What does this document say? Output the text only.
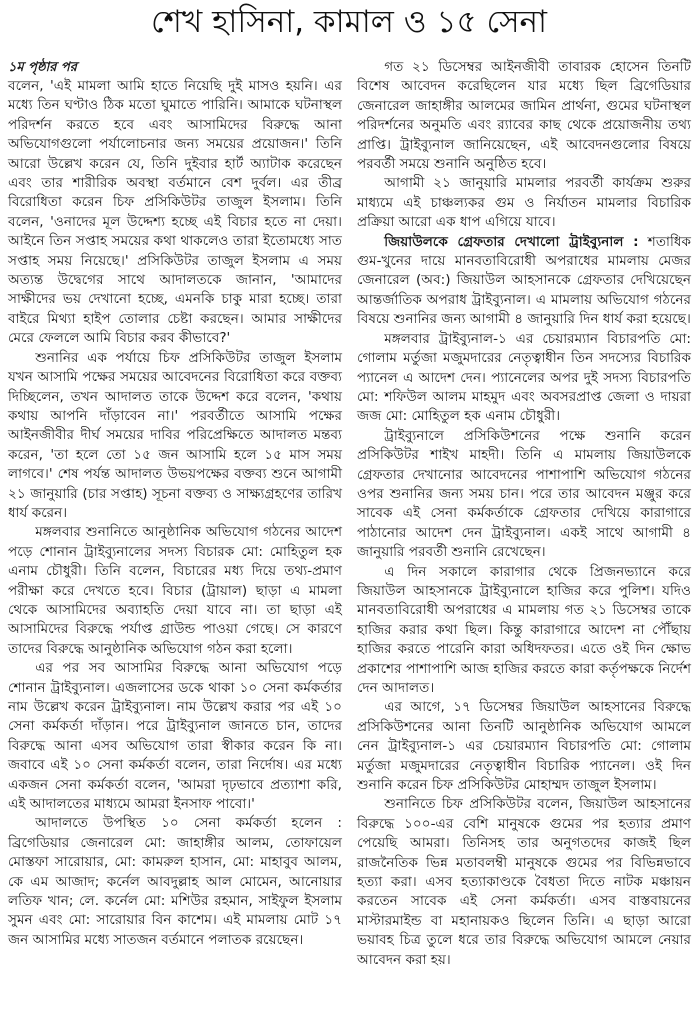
শেখ হাসিনা, কামাল ও ১৫ সেনা
১ম পৃষ্ঠার পর

বলেন, 'এই মামলা আমি হাতে নিয়েছি দুই মাসও হয়নি। এর মধ্যে তিন ঘণ্টাও ঠিক মতো ঘুমাতে পারিনি। আমাকে ঘটনাস্থল পরিদর্শন করতে হবে এবং আসামিদের বিরুদ্ধে আনা অভিযোগগুলো পর্যালোচনার জন্য সময়ের প্রয়োজন।' তিনি আরো উল্লেখ করেন যে, তিনি দুইবার হার্ট অ্যাটাক করেছেন এবং তার শারীরিক অবস্থা বর্তমানে বেশ দুর্বল। এর তীব্র বিরোধিতা করেন চিফ প্রসিকিউটর তাজুল ইসলাম। তিনি বলেন, 'ওনাদের মূল উদ্দেশ্য হচ্ছে এই বিচার হতে না দেয়া। আইনে তিন সপ্তাহ সময়ের কথা থাকলেও তারা ইতোমধ্যে সাত সপ্তাহ সময় নিয়েছে।' প্রসিকিউটর তাজুল ইসলাম এ সময় অত্যন্ত উদ্বেগের সাথে আদালতকে জানান, 'আমাদের সাক্ষীদের ভয় দেখানো হচ্ছে, এমনকি চাকু মারা হচ্ছে। তারা বাইরে মিথ্যা হাইপ তোলার চেষ্টা করছেন। আমার সাক্ষীদের মেরে ফেললে আমি বিচার করব কীভাবে?'

শুনানির এক পর্যায়ে চিফ প্রসিকিউটর তাজুল ইসলাম যখন আসামি পক্ষের সময়ের আবেদনের বিরোধিতা করে বক্তব্য দিচ্ছিলেন, তখন আদালত তাকে উদ্দেশ করে বলেন, 'কথায় কথায় আপনি দাঁড়াবেন না।' পরবর্তীতে আসামি পক্ষের আইনজীবীর দীর্ঘ সময়ের দাবির পরিপ্রেক্ষিতে আদালত মন্তব্য করেন, 'তা হলে তো ১৫ জন আসামি হলে ১৫ মাস সময় লাগবে।' শেষ পর্যন্ত আদালত উভয়পক্ষের বক্তব্য শুনে আগামী ২১ জানুয়ারি (চার সপ্তাহ) সূচনা বক্তব্য ও সাক্ষ্যগ্রহণের তারিখ ধার্য করেন।

মঙ্গলবার শুনানিতে আনুষ্ঠানিক অভিযোগ গঠনের আদেশ পড়ে শোনান ট্রাইব্যুনালের সদস্য বিচারক মো: মোহিতুল হক এনাম চৌধুরী। তিনি বলেন, বিচারের মধ্য দিয়ে তথ্য-প্রমাণ পরীক্ষা করে দেখতে হবে। বিচার (ট্রায়াল) ছাড়া এ মামলা থেকে আসামিদের অব্যাহতি দেয়া যাবে না। তা ছাড়া এই আসামিদের বিরুদ্ধে পর্যাপ্ত গ্রাউন্ড পাওয়া গেছে। সে কারণে তাদের বিরুদ্ধে আনুষ্ঠানিক অভিযোগ গঠন করা হলো।

এর পর সব আসামির বিরুদ্ধে আনা অভিযোগ পড়ে শোনান ট্রাইব্যুনাল। এজলাসের ডকে থাকা ১০ সেনা কর্মকর্তার নাম উল্লেখ করেন ট্রাইব্যুনাল। নাম উল্লেখ করার পর এই ১০ সেনা কর্মকর্তা দাঁড়ান। পরে ট্রাইব্যুনাল জানতে চান, তাদের বিরুদ্ধে আনা এসব অভিযোগ তারা স্বীকার করেন কি না। জবাবে এই ১০ সেনা কর্মকর্তা বলেন, তারা নির্দোষ। এর মধ্যে একজন সেনা কর্মকর্তা বলেন, 'আমরা দৃঢ়ভাবে প্রত্যাশা করি, এই আদালতের মাধ্যমে আমরা ইনসাফ পাবো।'

আদালতে উপস্থিত ১০ সেনা কর্মকর্তা হলেন : ব্রিগেডিয়ার জেনারেল মো: জাহাঙ্গীর আলম, তোফায়েল মোস্তফা সারোয়ার, মো: কামরুল হাসান, মো: মাহাবুব আলম, কে এম আজাদ; কর্নেল আবদুল্লাহ আল মোমেন, আনোয়ার লতিফ খান; লে. কর্নেল মো: মশিউর রহমান, সাইফুল ইসলাম সুমন এবং মো: সারোয়ার বিন কাশেম। এই মামলায় মোট ১৭ জন আসামির মধ্যে সাতজন বর্তমানে পলাতক রয়েছেন।

গত ২১ ডিসেম্বর আইনজীবী তাবারক হোসেন তিনটি বিশেষ আবেদন করেছিলেন যার মধ্যে ছিল ব্রিগেডিয়ার জেনারেল জাহাঙ্গীর আলমের জামিন প্রার্থনা, গুমের ঘটনাস্থল পরিদর্শনের অনুমতি এবং র‌্যাবের কাছ থেকে প্রয়োজনীয় তথ্য প্রাপ্তি। ট্রাইব্যুনাল জানিয়েছেন, এই আবেদনগুলোর বিষয়ে পরবর্তী সময়ে শুনানি অনুষ্ঠিত হবে।

আগামী ২১ জানুয়ারি মামলার পরবর্তী কার্যক্রম শুরুর মাধ্যমে এই চাঞ্চল্যকর গুম ও নির্যাতন মামলার বিচারিক প্রক্রিয়া আরো এক ধাপ এগিয়ে যাবে।

জিয়াউলকে গ্রেফতার দেখালো ট্রাইব্যুনাল : শতাধিক গুম-খুনের দায়ে মানবতাবিরোধী অপরাধের মামলায় মেজর জেনারেল (অব:) জিয়াউল আহসানকে গ্রেফতার দেখিয়েছেন আন্তর্জাতিক অপরাধ ট্রাইব্যুনাল। এ মামলায় অভিযোগ গঠনের বিষয়ে শুনানির জন্য আগামী ৪ জানুয়ারি দিন ধার্য করা হয়েছে।

মঙ্গলবার ট্রাইব্যুনাল-১ এর চেয়ারম্যান বিচারপতি মো: গোলাম মর্তুজা মজুমদারের নেতৃত্বাধীন তিন সদস্যের বিচারিক প্যানেল এ আদেশ দেন। প্যানেলের অপর দুই সদস্য বিচারপতি মো: শফিউল আলম মাহমুদ এবং অবসরপ্রাপ্ত জেলা ও দায়রা জজ মো: মোহিতুল হক এনাম চৌধুরী।

ট্রাইব্যুনালে প্রসিকিউশনের পক্ষে শুনানি করেন প্রসিকিউটর শাইখ মাহদী। তিনি এ মামলায় জিয়াউলকে গ্রেফতার দেখানোর আবেদনের পাশাপাশি অভিযোগ গঠনের ওপর শুনানির জন্য সময় চান। পরে তার আবেদন মঞ্জুর করে সাবেক এই সেনা কর্মকর্তাকে গ্রেফতার দেখিয়ে কারাগারে পাঠানোর আদেশ দেন ট্রাইব্যুনাল। একই সাথে আগামী ৪ জানুয়ারি পরবর্তী শুনানি রেখেছেন।

এ দিন সকালে কারাগার থেকে প্রিজনভ্যানে করে জিয়াউল আহসানকে ট্রাইব্যুনালে হাজির করে পুলিশ। যদিও মানবতাবিরোধী অপরাধের এ মামলায় গত ২১ ডিসেম্বর তাকে হাজির করার কথা ছিল। কিন্তু কারাগারে আদেশ না পৌঁছায় হাজির করতে পারেনি কারা অধিদফতর। এতে ওই দিন ক্ষোভ প্রকাশের পাশাপাশি আজ হাজির করতে কারা কর্তৃপক্ষকে নির্দেশ দেন আদালত।

এর আগে, ১৭ ডিসেম্বর জিয়াউল আহসানের বিরুদ্ধে প্রসিকিউশনের আনা তিনটি আনুষ্ঠানিক অভিযোগ আমলে নেন ট্রাইব্যুনাল-১ এর চেয়ারম্যান বিচারপতি মো: গোলাম মর্তুজা মজুমদারের নেতৃত্বাধীন বিচারিক প্যানেল। ওই দিন শুনানি করেন চিফ প্রসিকিউটর মোহাম্মদ তাজুল ইসলাম।

শুনানিতে চিফ প্রসিকিউটর বলেন, জিয়াউল আহসানের বিরুদ্ধে ১০০-এর বেশি মানুষকে গুমের পর হত্যার প্রমাণ পেয়েছি আমরা। তিনিসহ তার অনুগতদের কাজই ছিল রাজনৈতিক ভিন্ন মতাবলম্বী মানুষকে গুমের পর বিভিন্নভাবে হত্যা করা। এসব হত্যাকাণ্ডকে বৈধতা দিতে নাটক মঞ্চায়ন করতেন সাবেক এই সেনা কর্মকর্তা। এসব বাস্তবায়নের মাস্টারমাইন্ড বা মহানায়কও ছিলেন তিনি। এ ছাড়া আরো ভয়াবহ চিত্র তুলে ধরে তার বিরুদ্ধে অভিযোগ আমলে নেয়ার আবেদন করা হয়।
